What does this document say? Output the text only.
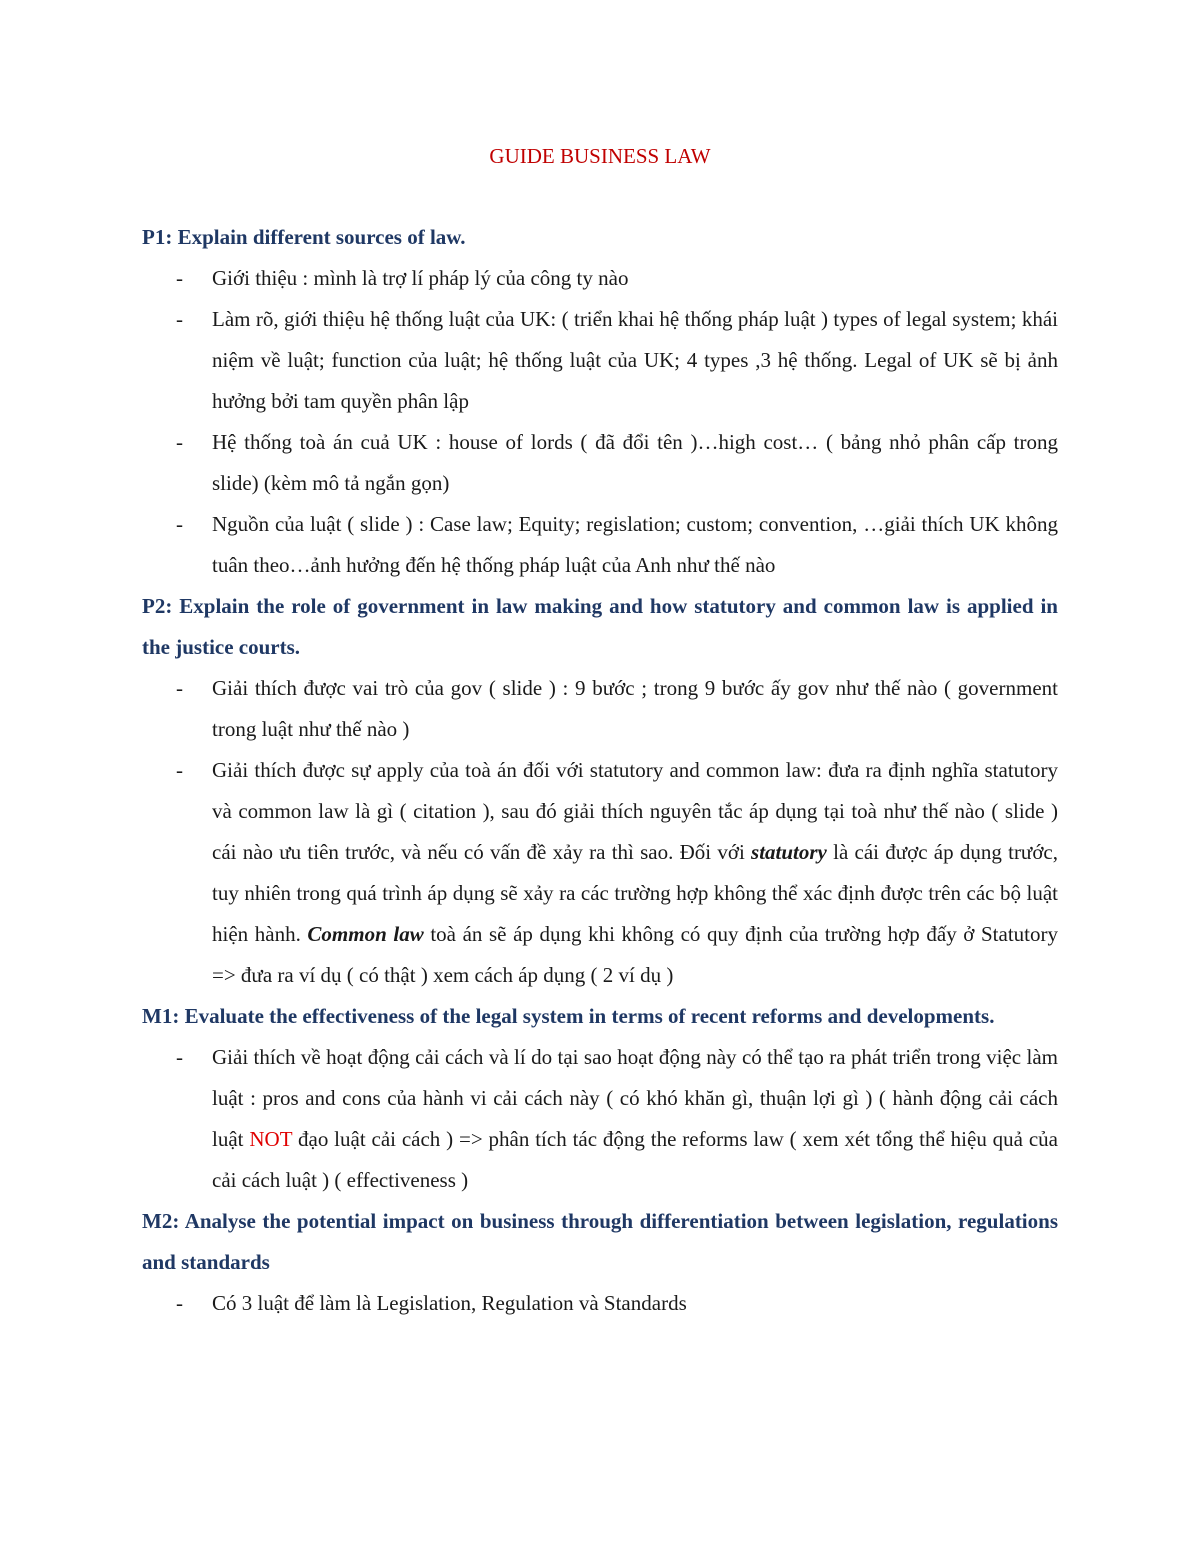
GUIDE BUSINESS LAW

P1: Explain different sources of law.

- Giới thiệu : mình là trợ lí pháp lý của công ty nào
- Làm rõ, giới thiệu hệ thống luật của UK: ( triển khai hệ thống pháp luật ) types of legal system; khái niệm về luật; function của luật; hệ thống luật của UK; 4 types ,3 hệ thống. Legal of UK sẽ bị ảnh hưởng bởi tam quyền phân lập
- Hệ thống toà án cuả UK : house of lords ( đã đổi tên )…high cost… ( bảng nhỏ phân cấp trong slide) (kèm mô tả ngắn gọn)
- Nguồn của luật ( slide ) : Case law; Equity; regislation; custom; convention, …giải thích UK không tuân theo…ảnh hưởng đến hệ thống pháp luật của Anh như thế nào

P2: Explain the role of government in law making and how statutory and common law is applied in the justice courts.

- Giải thích được vai trò của gov ( slide ) : 9 bước ; trong 9 bước ấy gov như thế nào ( government trong luật như thế nào )
- Giải thích được sự apply của toà án đối với statutory and common law: đưa ra định nghĩa statutory và common law là gì ( citation ), sau đó giải thích nguyên tắc áp dụng tại toà như thế nào ( slide ) cái nào ưu tiên trước, và nếu có vấn đề xảy ra thì sao. Đối với statutory là cái được áp dụng trước, tuy nhiên trong quá trình áp dụng sẽ xảy ra các trường hợp không thể xác định được trên các bộ luật hiện hành. Common law toà án sẽ áp dụng khi không có quy định của trường hợp đấy ở Statutory => đưa ra ví dụ ( có thật ) xem cách áp dụng ( 2 ví dụ )

M1: Evaluate the effectiveness of the legal system in terms of recent reforms and developments.

- Giải thích về hoạt động cải cách và lí do tại sao hoạt động này có thể tạo ra phát triển trong việc làm luật : pros and cons của hành vi cải cách này ( có khó khăn gì, thuận lợi gì ) ( hành động cải cách luật NOT đạo luật cải cách ) => phân tích tác động the reforms law ( xem xét tổng thể hiệu quả của cải cách luật ) ( effectiveness )

M2: Analyse the potential impact on business through differentiation between legislation, regulations and standards

- Có 3 luật để làm là Legislation, Regulation và Standards
